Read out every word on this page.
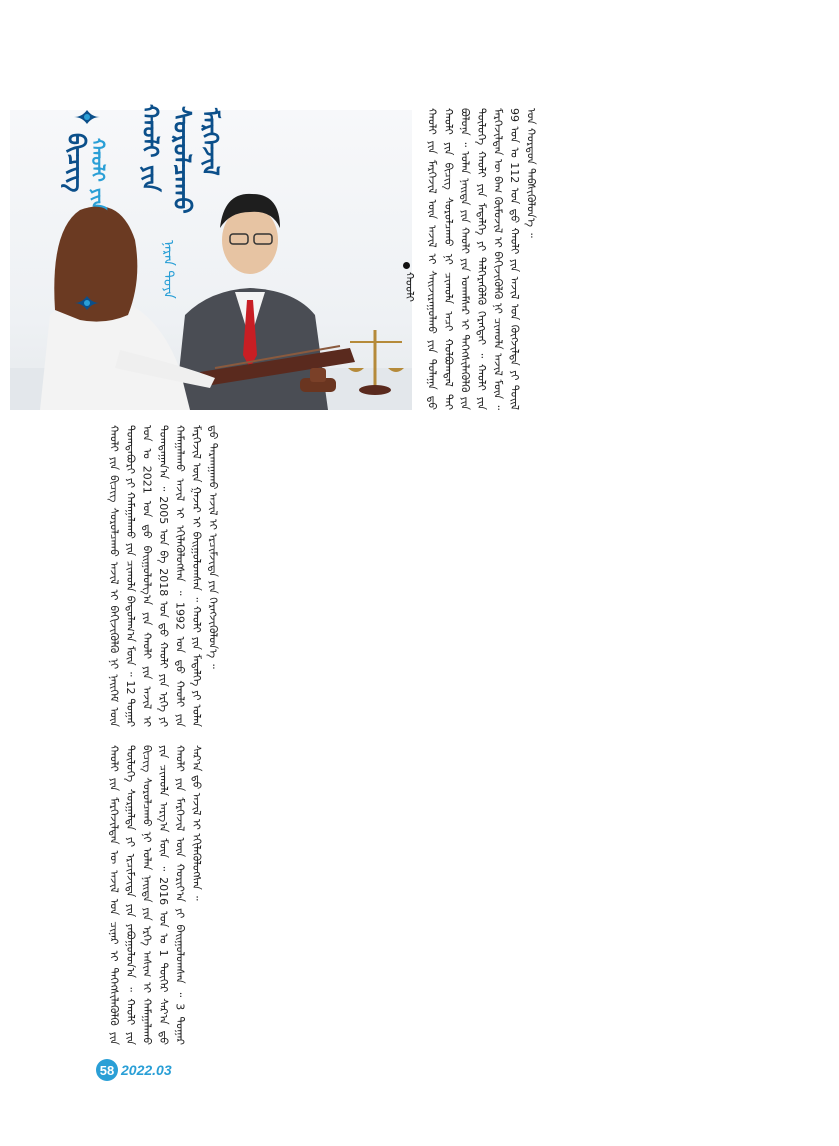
ᠨᠠᠷᠠᠨ ᠲᠤᠶᠠ
ᠬᠠᠤᠯᠢ ᠶᠢᠨ
ᠪᠢᠴᠢᠭ	ᠰᠤᠷᠤᠯᠴᠠᠬᠤ
ᠬᠠᠤᠯᠢ ᠶᠢᠨ ᠮᠡᠷᠭᠡᠵᠢᠯ
ᠬᠤᠤᠯᠢ ᠬᠠᠤᠯᠢ ᠶᠢᠨ ᠮᠡᠷᠭᠡᠵᠢᠯ ᠦᠨ ᠠᠵᠢᠯ ᠢ ᠰᠠᠢᠵᠢᠷᠠᠭᠤᠯᠬᠤ ᠶᠢᠨ ᠲᠤᠯᠠᠭᠠ ᠳ᠋ᠦ ᠬᠠᠤᠯᠢ ᠶᠢᠨ ᠪᠢᠴᠢᠭ ᠰᠤᠷᠤᠯᠴᠠᠬᠤ ᠨᠢ ᠴᠢᠬᠤᠯᠠ ᠠᠴᠢ ᠬᠣᠯᠪᠣᠭᠳᠠᠯ ᠲᠠᠢ ᠪᠣᠯᠤᠨᠠ ᠃ ᠣᠯᠠᠨ ᠨᠡᠢᠲᠡ ᠶᠢᠨ ᠬᠠᠤᠯᠢ ᠶᠢᠨ ᠤᠬᠠᠮᠰᠠᠷ ᠢ ᠳᠡᠭᠡᠭᠰᠢᠯᠡᠭᠦᠯᠬᠦ ᠶᠢᠨ ᠲᠥᠯᠥᠭᠡ ᠬᠠᠤᠯᠢ ᠶᠢᠨ ᠮᠡᠳᠡᠯᠭᠡ ᠶᠢ ᠳᠡᠯᠭᠡᠷᠡᠭᠦᠯᠬᠦ ᠬᠡᠷᠡᠭᠲᠡᠢ ᠃ ᠬᠠᠤᠯᠢ ᠶᠢᠨ ᠮᠡᠷᠭᠡᠵᠢᠯᠲᠡᠨ ᠦ ᠪᠠᠭ ᠬᠥᠮᠦᠵᠢᠯ ᠢ ᠪᠡᠬᠢᠵᠢᠭᠦᠯᠬᠦ ᠨᠢ ᠴᠢᠬᠤᠯᠠ ᠠᠵᠢᠯ ᠮᠥᠨ ᠃ 99 ᠣᠨ ᠤ 112 ᠣᠨ ᠳ᠋ᠤ ᠬᠠᠤᠯᠢ ᠶᠢᠨ ᠠᠵᠢᠯ ᠤᠨ ᠬᠥᠭᠵᠢᠯᠲᠡ ᠶᠢ ᠲᠤᠢᠯ ᠤᠨ ᠬᠤᠷᠳᠤᠨ ᠳᠡᠪᠰᠢᠭᠦᠯᠦᠨ᠎ᠡ ᠃
ᠬᠠᠤᠯᠢ ᠶᠢᠨ ᠪᠢᠴᠢᠭ ᠰᠤᠷᠤᠯᠴᠠᠬᠤ ᠠᠵᠢᠯ ᠢ ᠪᠡᠬᠢᠵᠢᠭᠦᠯᠬᠦ ᠨᠢ ᠨᠡᠢᠭᠡᠮ ᠦᠨ ᠲᠣᠭᠲᠠᠪᠤᠷᠢ ᠶᠢ ᠬᠠᠮᠠᠭᠠᠯᠠᠬᠤ ᠶᠢᠨ ᠴᠢᠬᠤᠯᠠ ᠪᠠᠲᠤᠯᠠᠭ᠎ᠠ ᠮᠥᠨ ᠃ 12 ᠳᠤᠭᠠᠷ ᠣᠨ ᠤ 2021 ᠣᠨ ᠳ᠋ᠤ ᠪᠠᠢᠭᠤᠯᠤᠯᠭ᠎ᠠ ᠶᠢᠨ ᠬᠠᠤᠯᠢ ᠶᠢᠨ ᠠᠵᠢᠯ ᠢ ᠲᠣᠭᠲᠠᠭᠠᠨ᠎ᠠ ᠃ 2005 ᠣᠨ ᠪᠠ 2018 ᠣᠨ ᠳ᠋ᠤ ᠬᠠᠤᠯᠢ ᠶᠢᠨ ᠡᠷᠬᠡ ᠶᠢ ᠬᠠᠮᠠᠭᠠᠯᠠᠬᠤ ᠠᠵᠢᠯ ᠢ ᠡᠬᠢᠯᠡᠭᠦᠯᠦᠭᠰᠡᠨ ᠃ 1992 ᠣᠨ ᠳ᠋ᠤ ᠬᠠᠤᠯᠢ ᠶᠢᠨ ᠮᠡᠷᠭᠡᠵᠢᠯ ᠦᠨ ᠭᠠᠵᠠᠷ ᠢ ᠪᠠᠢᠭᠤᠯᠤᠭᠰᠠᠨ ᠃ ᠬᠠᠤᠯᠢ ᠶᠢᠨ ᠮᠡᠳᠡᠯᠭᠡ ᠶᠢ ᠣᠯᠠᠨ ᠳ᠋ᠤ ᠲᠠᠷᠬᠠᠭᠠᠬᠤ ᠠᠵᠢᠯ ᠢ ᠡᠷᠴᠢᠮᠵᠢᠳᠡ ᠶᠢᠨ ᠬᠡᠷᠡᠭᠵᠢᠭᠦᠯᠦᠨ᠎ᠡ ᠃
ᠬᠠᠤᠯᠢ ᠶᠢᠨ ᠮᠡᠷᠭᠡᠵᠢᠯᠲᠡᠨ ᠦ ᠠᠵᠢᠯ ᠤᠨ ᠴᠢᠨᠠᠷ ᠢ ᠳᠡᠭᠡᠭᠰᠢᠯᠡᠭᠦᠯᠬᠦ ᠶᠢᠨ ᠲᠥᠯᠥᠭᠡ ᠰᠤᠷᠭᠠᠯᠲᠠ ᠶᠢ ᠡᠷᠴᠢᠮᠵᠢᠳᠡ ᠶᠢᠨ ᠶᠠᠪᠤᠭᠤᠯᠤᠨ᠎ᠠ ᠃ ᠬᠠᠤᠯᠢ ᠶᠢᠨ ᠪᠢᠴᠢᠭ ᠰᠤᠷᠤᠯᠴᠠᠬᠤ ᠨᠢ ᠣᠯᠠᠨ ᠨᠡᠢᠲᠡ ᠶᠢᠨ ᠡᠷᠬᠡ ᠠᠰᠢᠭ ᠢ ᠬᠠᠮᠠᠭᠠᠯᠠᠬᠤ ᠶᠢᠨ ᠴᠢᠬᠤᠯᠠ ᠠᠷᠭ᠎ᠠ ᠮᠥᠨ ᠃ 2016 ᠣᠨ ᠤ 1 ᠳᠦᠭᠡᠷ ᠰᠠᠷ᠎ᠠ ᠳ᠋ᠤ ᠬᠠᠤᠯᠢ ᠶᠢᠨ ᠮᠡᠷᠭᠡᠵᠢᠯ ᠦᠨ ᠬᠣᠷᠢᠶ᠎ᠠ ᠶᠢ ᠪᠠᠢᠭᠤᠯᠤᠭᠰᠠᠨ ᠃ 3 ᠳᠤᠭᠠᠷ ᠰᠠᠷ᠎ᠠ ᠳ᠋ᠤ ᠠᠵᠢᠯ ᠢ ᠡᠬᠢᠯᠡᠭᠦᠯᠦᠭᠰᠡᠨ ᠃
58 2022.03
